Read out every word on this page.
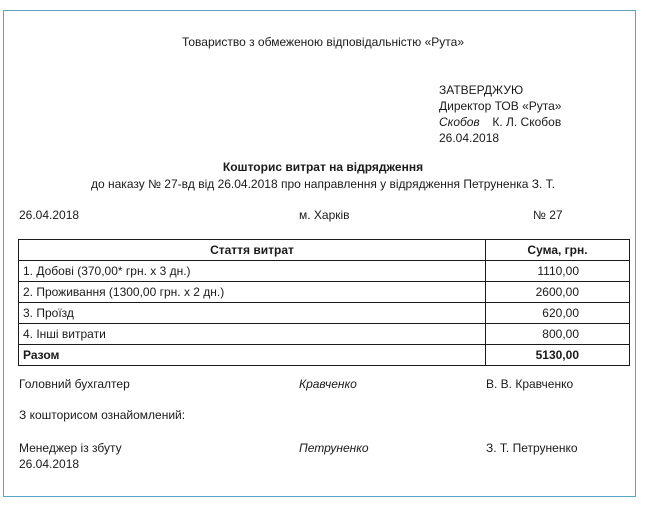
Товариство з обмеженою відповідальністю «Рута»
ЗАТВЕРДЖУЮ
Директор ТОВ «Рута»
Скобов К. Л. Скобов
26.04.2018
Кошторис витрат на відрядження
до наказу № 27-вд від 26.04.2018 про направлення у відрядження Петруненка З. Т.
26.04.2018	м. Харків	№ 27
Стаття витрат	Сума, грн.
1. Добові (370,00* грн. х 3 дн.)	1110,00
2. Проживання (1300,00 грн. х 2 дн.)	2600,00
3. Проїзд	620,00
4. Інші витрати	800,00
Разом	5130,00
Головний бухгалтер	Кравченко	В. В. Кравченко
З кошторисом ознайомлений:
Менеджер із збуту	Петруненко	З. Т. Петруненко
26.04.2018
